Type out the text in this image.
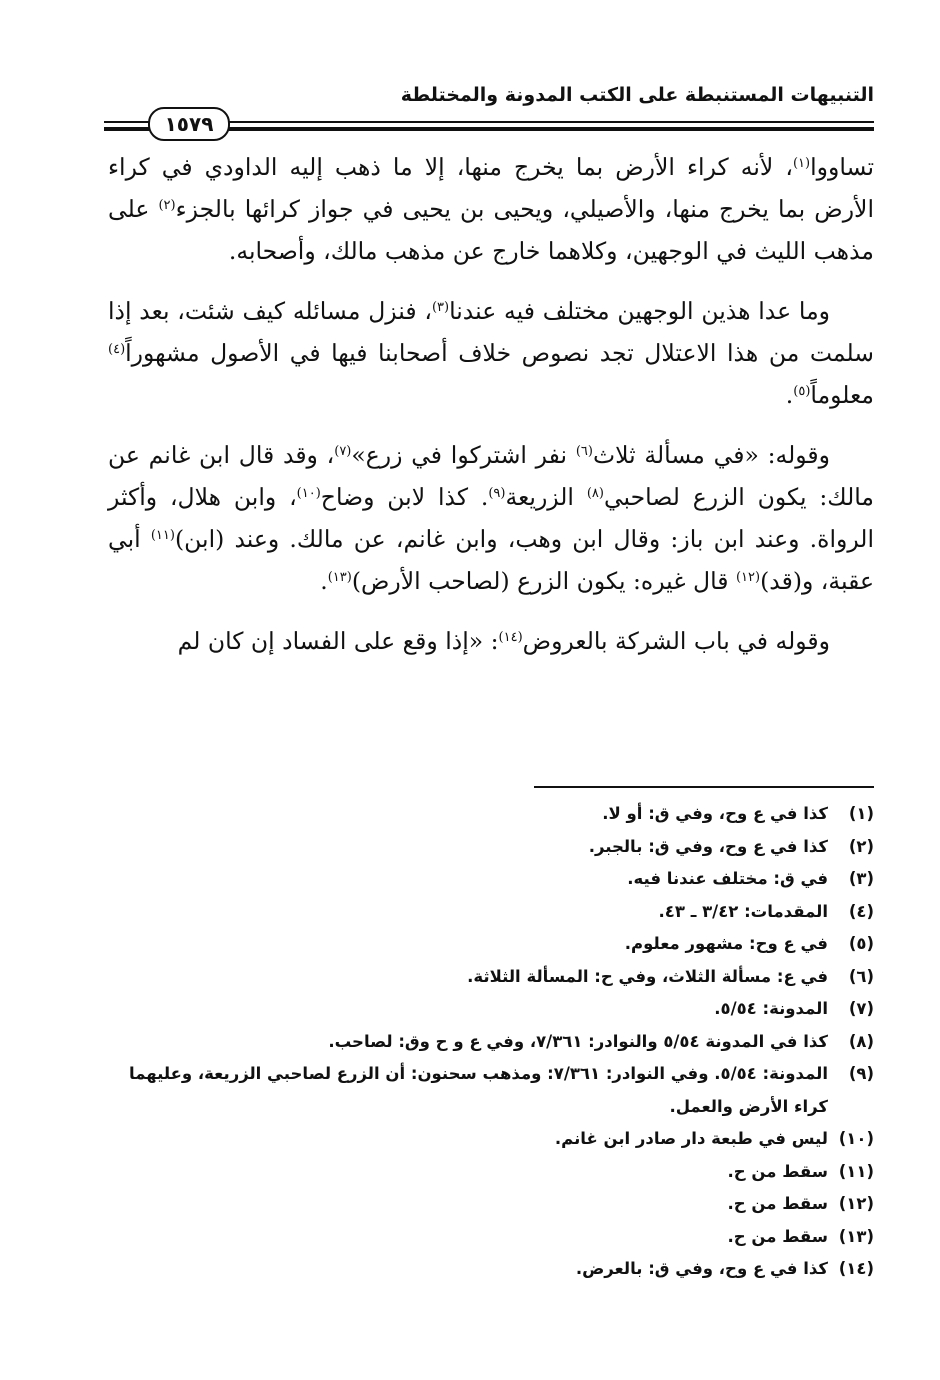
التنبيهات المستنبطة على الكتب المدونة والمختلطة
١٥٧٩

تساووا$^{(١)}$، لأنه كراء الأرض بما يخرج منها، إلا ما ذهب إليه الداودي في كراء الأرض بما يخرج منها، والأصيلي، ويحيى بن يحيى في جواز كرائها بالجزء$^{(٢)}$ على مذهب الليث في الوجهين، وكلاهما خارج عن مذهب مالك، وأصحابه.

وما عدا هذين الوجهين مختلف فيه عندنا$^{(٣)}$، فنزل مسائله كيف شئت، بعد إذا سلمت من هذا الاعتلال تجد نصوص خلاف أصحابنا فيها في الأصول مشهوراً$^{(٤)}$ معلوماً$^{(٥)}$.

وقوله: «في مسألة ثلاث$^{(٦)}$ نفر اشتركوا في زرع»$^{(٧)}$، وقد قال ابن غانم عن مالك: يكون الزرع لصاحبي$^{(٨)}$ الزريعة$^{(٩)}$. كذا لابن وضاح$^{(١٠)}$، وابن هلال، وأكثر الرواة. وعند ابن باز: وقال ابن وهب، وابن غانم، عن مالك. وعند (ابن)$^{(١١)}$ أبي عقبة، و(قد)$^{(١٢)}$ قال غيره: يكون الزرع (لصاحب الأرض)$^{(١٣)}$.

وقوله في باب الشركة بالعروض$^{(١٤)}$: «إذا وقع على الفساد إن كان لم

(١)
كذا في ع وح، وفي ق: أو لا.
(٢)
كذا في ع وح، وفي ق: بالجبر.
(٣)
في ق: مختلف عندنا فيه.
(٤)
المقدمات: ٣/٤٢ ـ ٤٣.
(٥)
في ع وح: مشهور معلوم.
(٦)
في ع: مسألة الثلاث، وفي ح: المسألة الثلاثة.
(٧)
المدونة: ٥/٥٤.
(٨)
كذا في المدونة ٥/٥٤ والنوادر: ٧/٣٦١، وفي ع و ح وق: لصاحب.
(٩)
المدونة: ٥/٥٤. وفي النوادر: ٧/٣٦١: ومذهب سحنون: أن الزرع لصاحبي الزريعة، وعليهما كراء الأرض والعمل.
(١٠)
ليس في طبعة دار صادر ابن غانم.
(١١)
سقط من ح.
(١٢)
سقط من ح.
(١٣)
سقط من ح.
(١٤)
كذا في ع وح، وفي ق: بالعرض.
